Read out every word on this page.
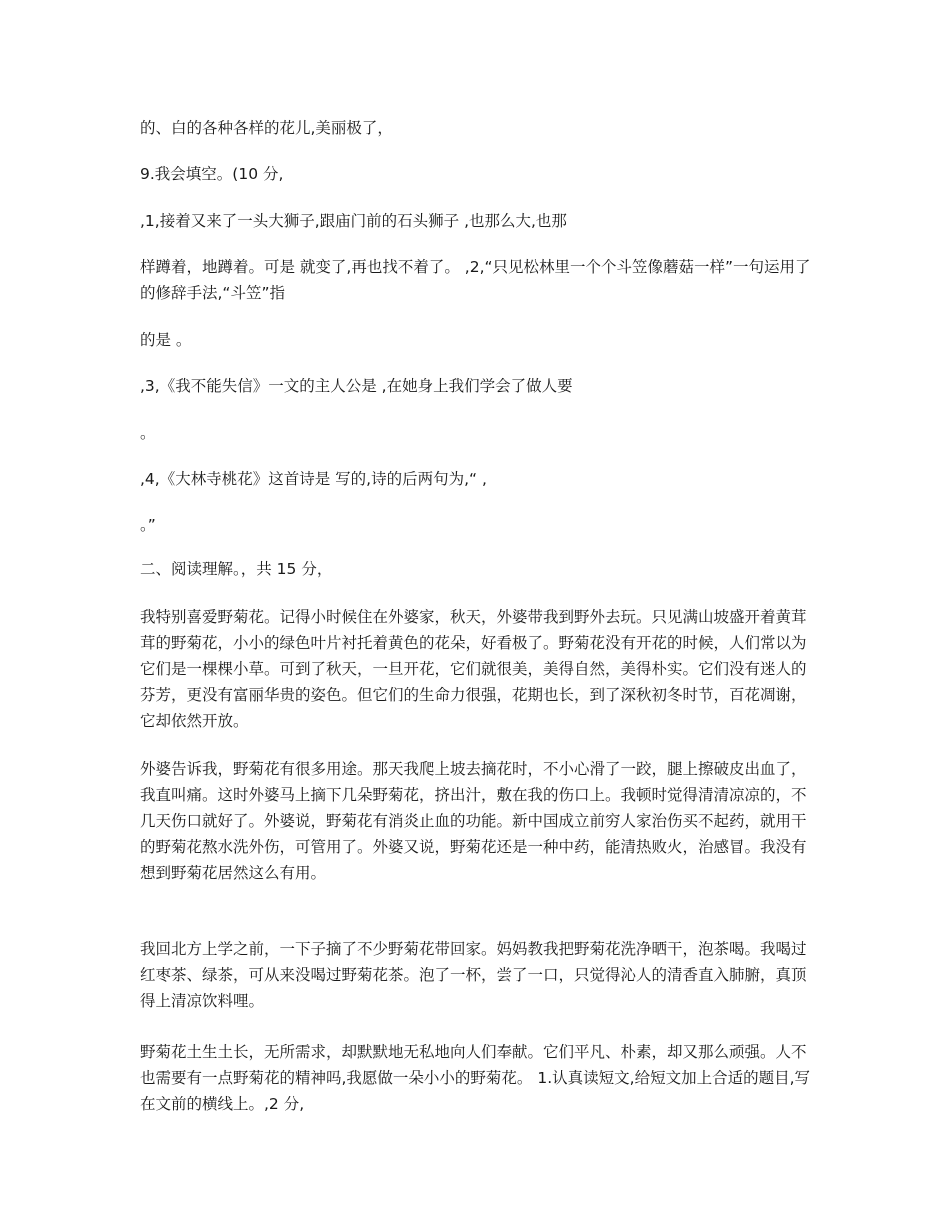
的、白的各种各样的花儿,美丽极了，

9.我会填空。(10 分,

,1,接着又来了一头大狮子,跟庙门前的石头狮子 ,也那么大,也那

样蹲着，地蹲着。可是 就变了,再也找不着了。 ,2,“只见松林里一个个斗笠像蘑菇一样”一句运用了 的修辞手法,“斗笠”指

的是 。

,3,《我不能失信》一文的主人公是 ,在她身上我们学会了做人要

。

,4,《大林寺桃花》这首诗是 写的,诗的后两句为,“ ,

。”

二、阅读理解。，共 15 分，

我特别喜爱野菊花。记得小时候住在外婆家，秋天，外婆带我到野外去玩。只见满山坡盛开着黄茸茸的野菊花，小小的绿色叶片衬托着黄色的花朵，好看极了。野菊花没有开花的时候，人们常以为它们是一棵棵小草。可到了秋天，一旦开花，它们就很美，美得自然，美得朴实。它们没有迷人的芬芳，更没有富丽华贵的姿色。但它们的生命力很强，花期也长，到了深秋初冬时节，百花凋谢，它却依然开放。

外婆告诉我，野菊花有很多用途。那天我爬上坡去摘花时，不小心滑了一跤，腿上擦破皮出血了，我直叫痛。这时外婆马上摘下几朵野菊花，挤出汁，敷在我的伤口上。我顿时觉得清清凉凉的，不几天伤口就好了。外婆说，野菊花有消炎止血的功能。新中国成立前穷人家治伤买不起药，就用干的野菊花熬水洗外伤，可管用了。外婆又说，野菊花还是一种中药，能清热败火，治感冒。我没有想到野菊花居然这么有用。

我回北方上学之前，一下子摘了不少野菊花带回家。妈妈教我把野菊花洗净晒干，泡茶喝。我喝过红枣茶、绿茶，可从来没喝过野菊花茶。泡了一杯，尝了一口，只觉得沁人的清香直入肺腑，真顶得上清凉饮料哩。

野菊花土生土长，无所需求，却默默地无私地向人们奉献。它们平凡、朴素，却又那么顽强。人不也需要有一点野菊花的精神吗,我愿做一朵小小的野菊花。 1.认真读短文,给短文加上合适的题目,写在文前的横线上。,2 分,
